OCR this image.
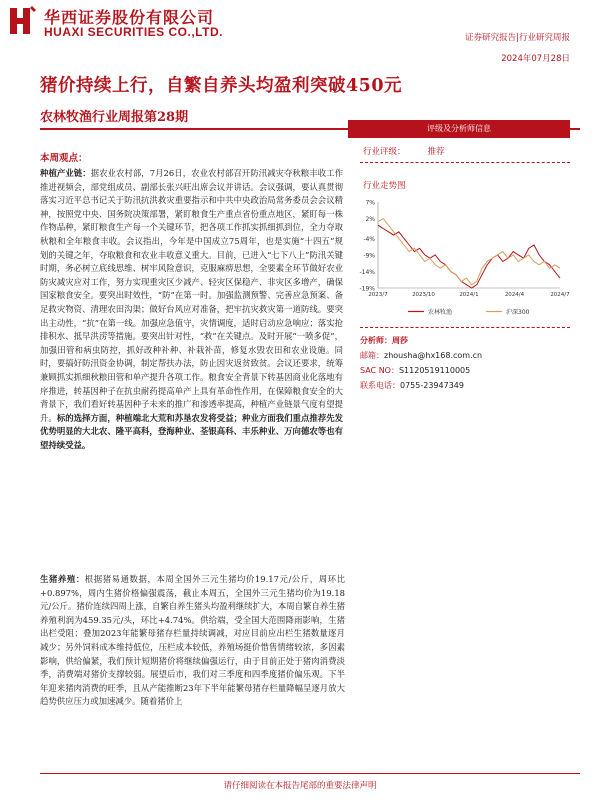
华西证券股份有限公司
HUAXI SECURITIES CO.,LTD.	证券研究报告|行业研究周报
2024年07月28日
猪价持续上行，自繁自养头均盈利突破450元
农林牧渔行业周报第28期
评级及分析师信息
行业评级：	推荐
行业走势图
7%
2%
-4%
-9%
-14%
-19%
2023/7	2023/10	2024/1	2024/4	2024/7
农林牧渔	沪深300
分析师：周莎
邮箱：zhousha@hx168.com.cn
SAC NO：S1120519110005
联系电话：0755-23947349
本周观点：
种植产业链：据农业农村部，7月26日，农业农村部召开防汛减灾夺秋粮丰收工作推进视频会，部党组成员、副部长张兴旺出席会议并讲话。会议强调，要认真贯彻落实习近平总书记关于防汛抗洪救灾重要指示和中共中央政治局常务委员会会议精神，按照党中央、国务院决策部署，紧盯粮食生产重点省份重点地区，紧盯每一株作物品种，紧盯粮食生产每一个关键环节，把各项工作抓实抓细抓到位，全力夺取秋粮和全年粮食丰收。会议指出，今年是中国成立75周年，也是实施“十四五”规划的关键之年，夺取粮食和农业丰收意义重大。目前，已进入“七下八上”防汛关键时期，务必树立底线思维、树牢风险意识，克服麻痹思想，全要素全环节做好农业防灾减灾应对工作，努力实现重灾区少减产、轻灾区保稳产、非灾区多增产，确保国家粮食安全。要突出时效性，“防”在第一时。加强监测预警、完善应急预案、备足救灾物资、清理农田沟渠；做好台风应对准备，把牢抗灾救灾第一道防线。要突出主动性，“抗”在第一线。加强应急值守，灾情调度，适时启动应急响应；落实抢排积水、抵早洪涝等措施。要突出针对性，“救”在关键点。及时开展“一喷多促”，加强田管和病虫防控，抓好改种补种、补栽补苗，修复水毁农田和农业设施。同时，要搞好防汛资金协调，制定帮扶办法，防止因灾返贫致贫。会议还要求，统筹兼顾抓实抓细秋粮田管和单产提升各项工作。粮食安全背景下转基因商业化落地有序推进，转基因种子在抗虫耐药提高单产上具有革命性作用，在保障粮食安全的大背景下，我们看好转基因种子未来的推广和渗透率提高，种植产业链景气度有望提升。标的选择方面，种植端北大荒和苏垦农发将受益；种业方面我们重点推荐先发优势明显的大北农、隆平高科，登海种业、荃银高科、丰乐种业、万向德农等也有望持续受益。
生猪养殖：根据猪易通数据，本周全国外三元生猪均价19.17元/公斤，周环比+0.897%，周内生猪价格偏强震荡，截止本周五，全国外三元生猪均价为19.18元/公斤。猪价连续四周上涨，自繁自养生猪头均盈利继续扩大，本周自繁自养生猪养殖利润为459.35元/头，环比+4.74%。供给端，受全国大范围降雨影响，生猪出栏受阻；叠加2023年能繁母猪存栏量持续调减，对应目前应出栏生猪数量逐月减少；另外饲料成本维持低位，压栏成本较低，养殖场挺价惜售情绪较浓，多因素影响，供给偏紧，我们预计短期猪价将继续偏强运行，由于目前正处于猪肉消费淡季，消费端对猪价支撑较弱。展望后市，我们对三季度和四季度猪价偏乐观。下半年迎来猪肉消费的旺季，且从产能推断23年下半年能繁母猪存栏量降幅呈逐月放大趋势供应压力或加速减少。随着猪价上
请仔细阅读在本报告尾部的重要法律声明
